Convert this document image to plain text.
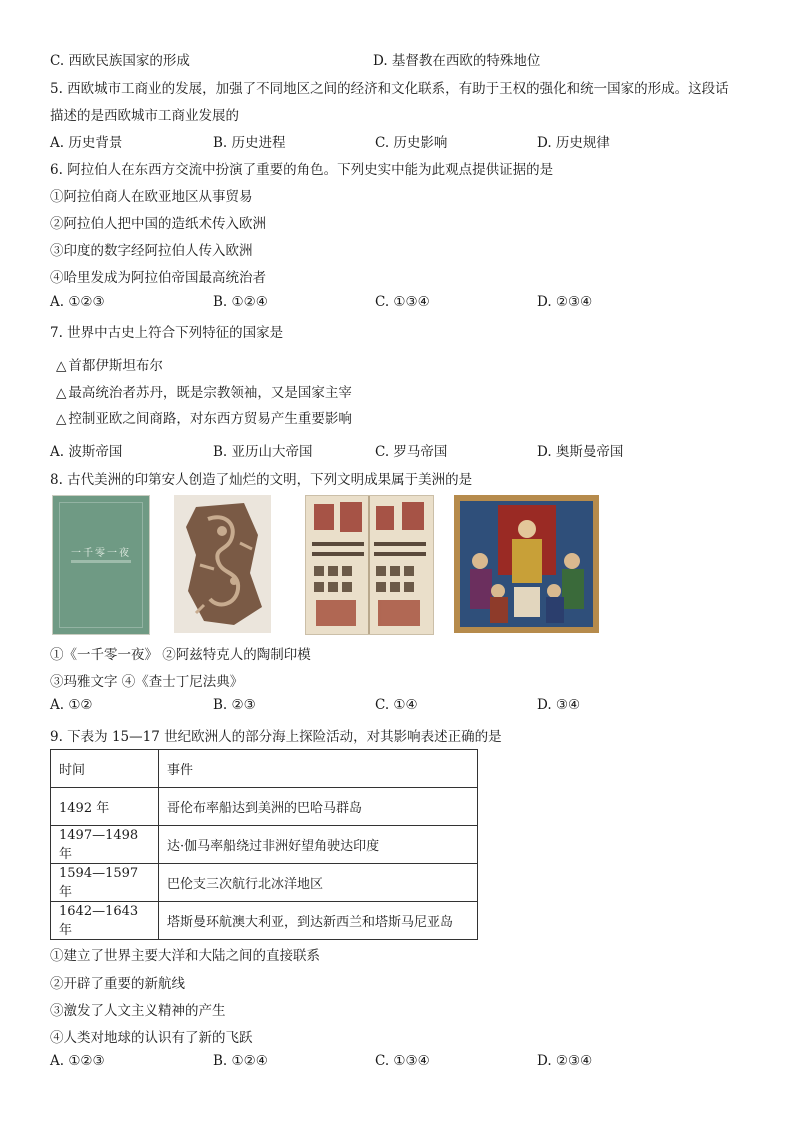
C. 西欧民族国家的形成	D. 基督教在西欧的特殊地位
5. 西欧城市工商业的发展，加强了不同地区之间的经济和文化联系，有助于王权的强化和统一国家的形成。这段话
描述的是西欧城市工商业发展的
A. 历史背景	B. 历史进程	C. 历史影响	D. 历史规律
6. 阿拉伯人在东西方交流中扮演了重要的角色。下列史实中能为此观点提供证据的是
①阿拉伯商人在欧亚地区从事贸易
②阿拉伯人把中国的造纸术传入欧洲
③印度的数字经阿拉伯人传入欧洲
④哈里发成为阿拉伯帝国最高统治者
A. ①②③	B. ①②④	C. ①③④	D. ②③④
7. 世界中古史上符合下列特征的国家是
△ 首都伊斯坦布尔
△ 最高统治者苏丹，既是宗教领袖，又是国家主宰
△ 控制亚欧之间商路，对东西方贸易产生重要影响
A. 波斯帝国	B. 亚历山大帝国	C. 罗马帝国	D. 奥斯曼帝国
8. 古代美洲的印第安人创造了灿烂的文明，下列文明成果属于美洲的是
一千零一夜
①《一千零一夜》 ②阿兹特克人的陶制印模
③玛雅文字 ④《查士丁尼法典》
A. ①②	B. ②③	C. ①④	D. ③④
9. 下表为 15—17 世纪欧洲人的部分海上探险活动，对其影响表述正确的是
时间	事件
1492 年	哥伦布率船达到美洲的巴哈马群岛
1497—1498 年	达·伽马率船绕过非洲好望角驶达印度
1594—1597 年	巴伦支三次航行北冰洋地区
1642—1643 年	塔斯曼环航澳大利亚，到达新西兰和塔斯马尼亚岛
①建立了世界主要大洋和大陆之间的直接联系
②开辟了重要的新航线
③激发了人文主义精神的产生
④人类对地球的认识有了新的飞跃
A. ①②③	B. ①②④	C. ①③④	D. ②③④
